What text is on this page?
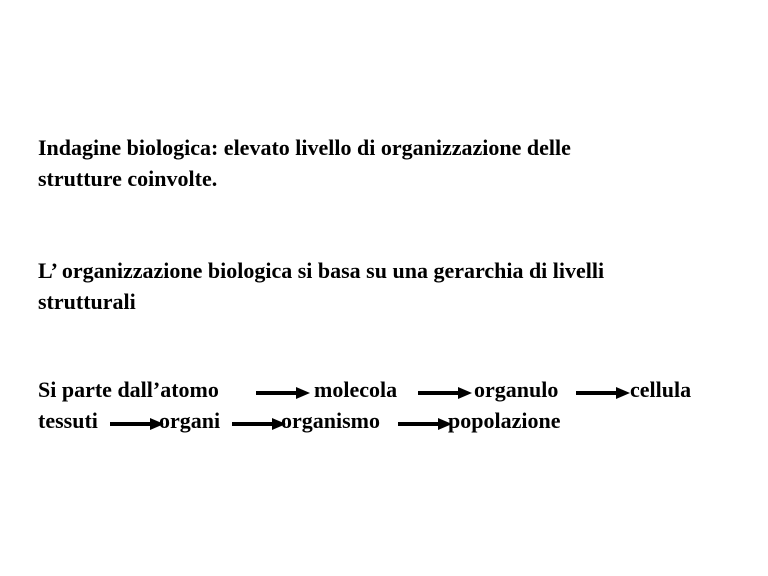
Indagine biologica: elevato livello di organizzazione delle
strutture coinvolte.
L’ organizzazione biologica si basa su una gerarchia di livelli
strutturali
Si parte dall’atomo	molecola	organulo	cellula
tessuti	organi	organismo	popolazione
